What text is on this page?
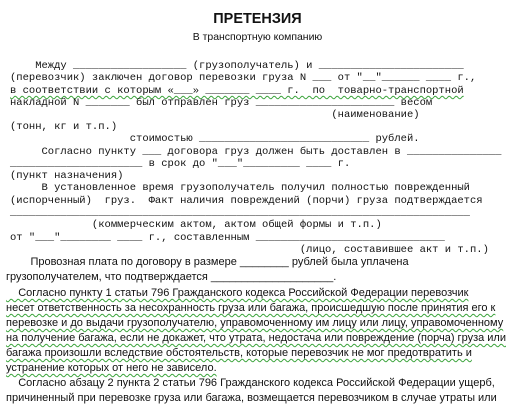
ПРЕТЕНЗИЯ
В транспортную компанию
Между __________________ (грузополучатель) и _______________________
(перевозчик) заключен договор перевозки груза N ___ от "__"______ ____ г.,
в соответствии с которым «___» _______ ____ г.  по  товарно-транспортной
накладной N _______ был отправлен груз ______________________ весом
(наименование)
(тонн, кг и т.п.)
стоимостью ___________________________ рублей.
Согласно пункту ___ договора груз должен быть доставлен в _______________
_____________________ в срок до "___"_________ ____ г.
(пункт назначения)
В установленное время грузополучатель получил полностью поврежденный
(испорченный)  груз.  Факт наличия повреждений (порчи) груза подтверждается
_________________________________________________________________________
(коммерческим актом, актом общей формы и т.п.)
от "___"________ ____ г., составленным ______________________________
(лицо, составившее акт и т.п.)
Провозная плата по договору в размере ________ рублей была уплачена
грузополучателем, что подтверждается ____________________.
Согласно пункту 1 статьи 796 Гражданского кодекса Российской Федерации перевозчик
несет ответственность за несохранность груза или багажа, происшедшую после принятия его к
перевозке и до выдачи грузополучателю, управомоченному им лицу или лицу, управомоченному
на получение багажа, если не докажет, что утрата, недостача или повреждение (порча) груза или
багажа произошли вследствие обстоятельств, которые перевозчик не мог предотвратить и
устранение которых от него не зависело.
Согласно абзацу 2 пункта 2 статьи 796 Гражданского кодекса Российской Федерации ущерб,
причиненный при перевозке груза или багажа, возмещается перевозчиком в случае утраты или
